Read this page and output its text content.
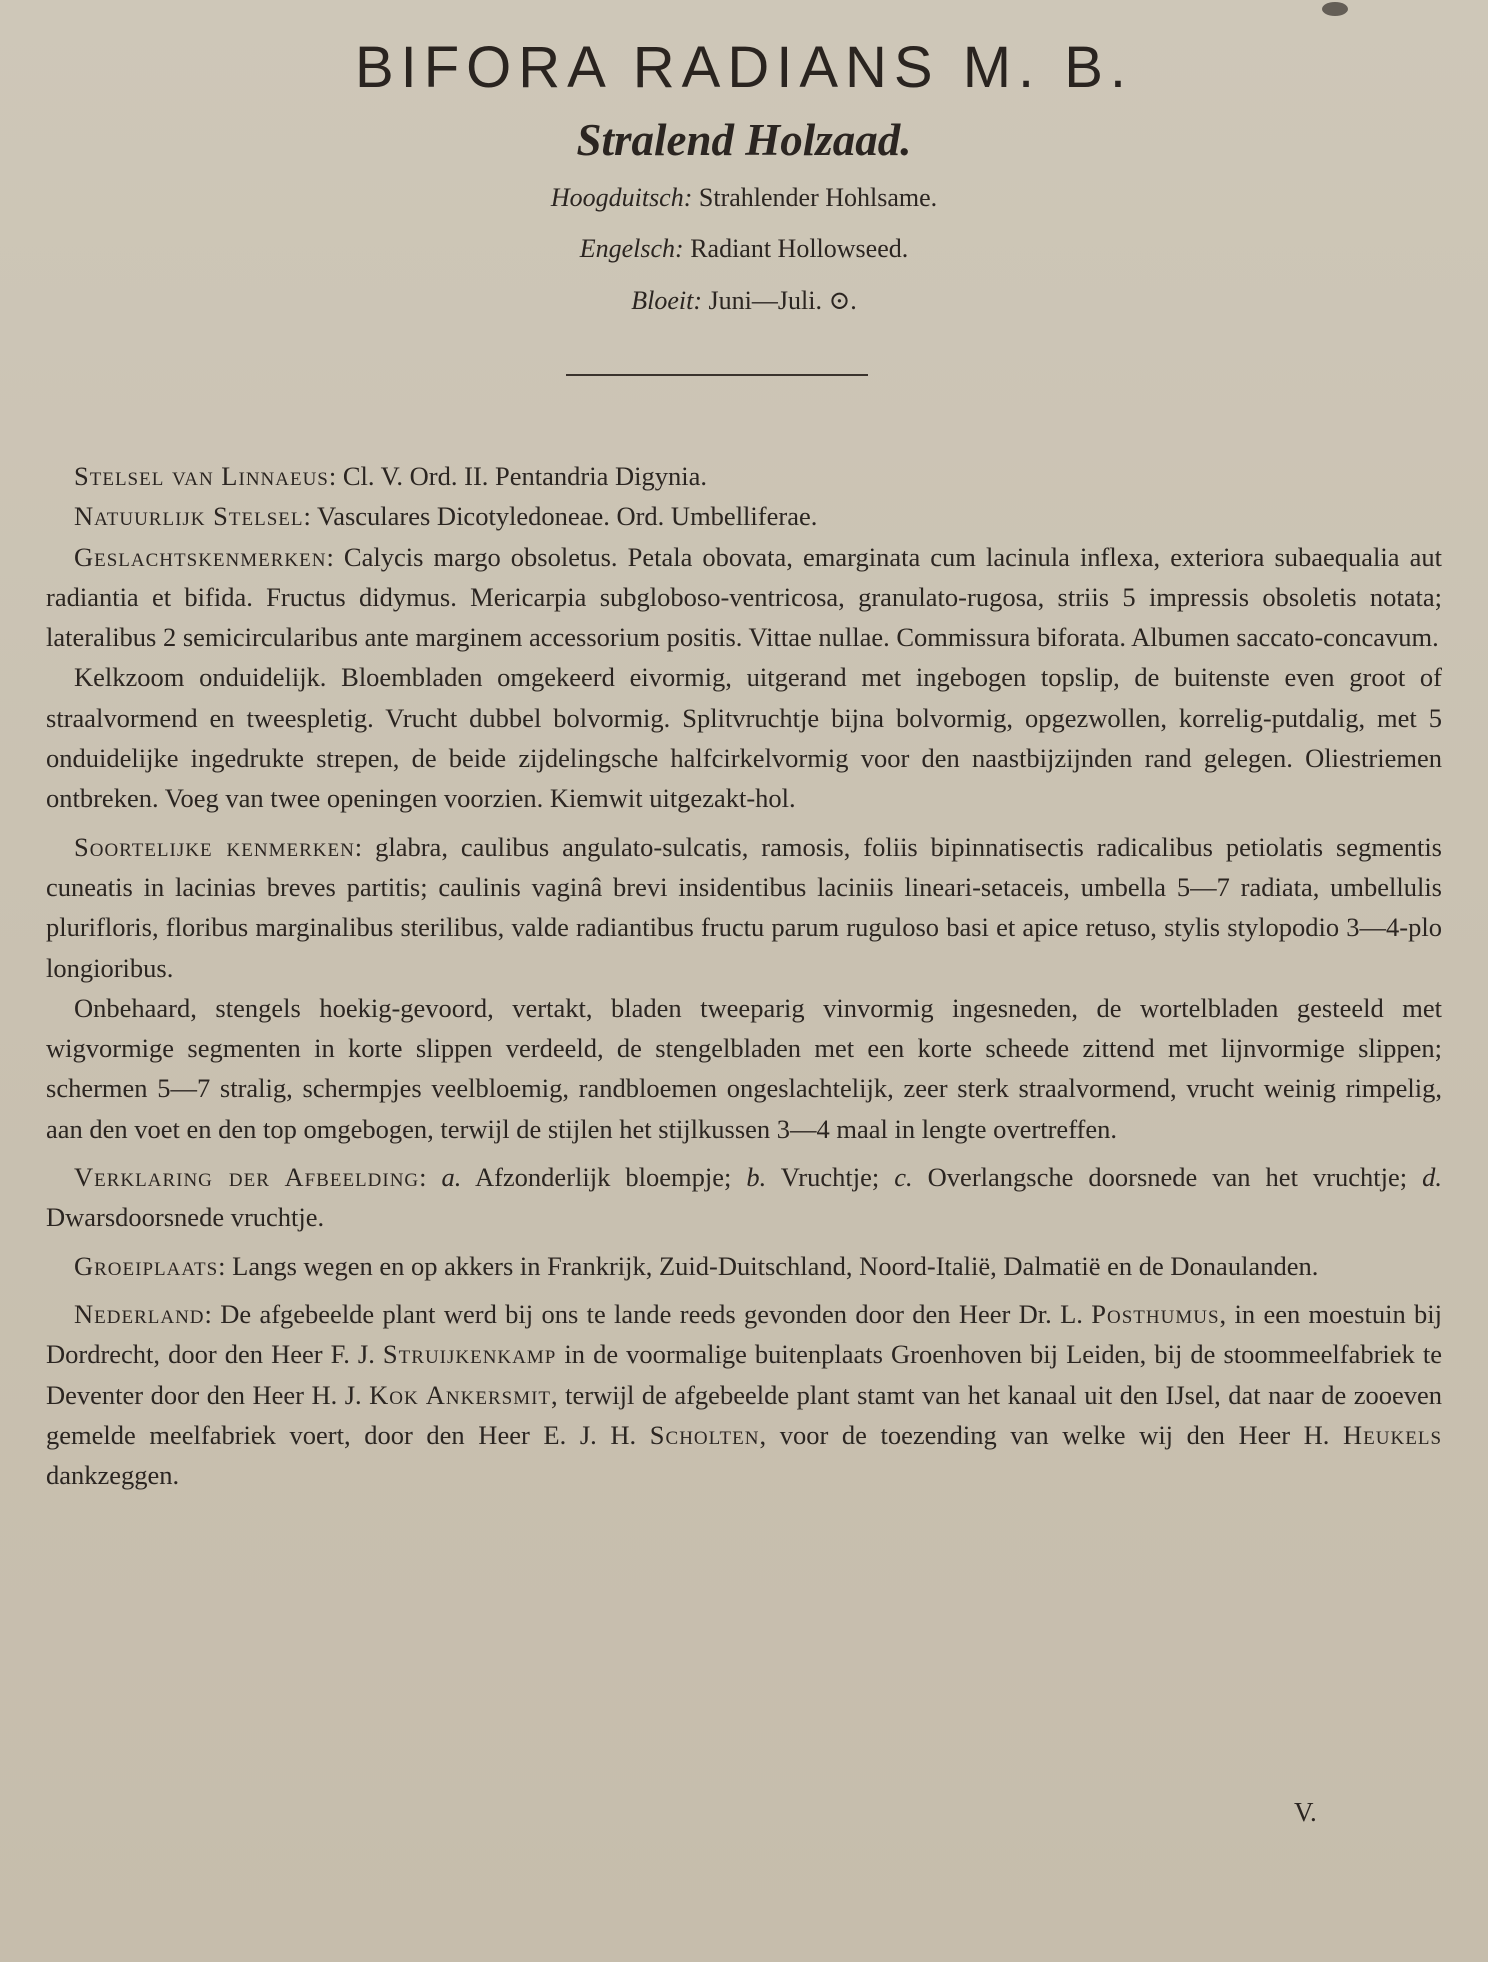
BIFORA RADIANS M. B.
Stralend Holzaad.
Hoogduitsch: Strahlender Hohlsame.
Engelsch: Radiant Hollowseed.
Bloeit: Juni—Juli. ⊙.

Stelsel van Linnaeus: Cl. V. Ord. II. Pentandria Digynia.

Natuurlijk Stelsel: Vasculares Dicotyledoneae. Ord. Umbelliferae.

Geslachtskenmerken: Calycis margo obsoletus. Petala obovata, emarginata cum lacinula inflexa, exteriora subaequalia aut radiantia et bifida. Fructus didymus. Mericarpia subgloboso-ventricosa, granulato-rugosa, striis 5 impressis obsoletis notata; lateralibus 2 semicircularibus ante marginem accessorium positis. Vittae nullae. Commissura biforata. Albumen saccato-concavum.

Kelkzoom onduidelijk. Bloembladen omgekeerd eivormig, uitgerand met ingebogen topslip, de buitenste even groot of straalvormend en tweespletig. Vrucht dubbel bolvormig. Splitvruchtje bijna bolvormig, opgezwollen, korrelig-putdalig, met 5 onduidelijke ingedrukte strepen, de beide zijdelingsche halfcirkelvormig voor den naastbijzijnden rand gelegen. Oliestriemen ontbreken. Voeg van twee openingen voorzien. Kiemwit uitgezakt-hol.

Soortelijke kenmerken: glabra, caulibus angulato-sulcatis, ramosis, foliis bipinnatisectis radicalibus petiolatis segmentis cuneatis in lacinias breves partitis; caulinis vaginâ brevi insidentibus laciniis lineari-setaceis, umbella 5—7 radiata, umbellulis plurifloris, floribus marginalibus sterilibus, valde radiantibus fructu parum ruguloso basi et apice retuso, stylis stylopodio 3—4-plo longioribus.

Onbehaard, stengels hoekig-gevoord, vertakt, bladen tweeparig vinvormig ingesneden, de wortelbladen gesteeld met wigvormige segmenten in korte slippen verdeeld, de stengelbladen met een korte scheede zittend met lijnvormige slippen; schermen 5—7 stralig, schermpjes veelbloemig, randbloemen ongeslachtelijk, zeer sterk straalvormend, vrucht weinig rimpelig, aan den voet en den top omgebogen, terwijl de stijlen het stijlkussen 3—4 maal in lengte overtreffen.

Verklaring der Afbeelding: a. Afzonderlijk bloempje; b. Vruchtje; c. Overlangsche doorsnede van het vruchtje; d. Dwarsdoorsnede vruchtje.

Groeiplaats: Langs wegen en op akkers in Frankrijk, Zuid-Duitschland, Noord-Italië, Dalmatië en de Donaulanden.

Nederland: De afgebeelde plant werd bij ons te lande reeds gevonden door den Heer Dr. L. Posthumus, in een moestuin bij Dordrecht, door den Heer F. J. Struijkenkamp in de voormalige buitenplaats Groenhoven bij Leiden, bij de stoommeelfabriek te Deventer door den Heer H. J. Kok Ankersmit, terwijl de afgebeelde plant stamt van het kanaal uit den IJsel, dat naar de zooeven gemelde meelfabriek voert, door den Heer E. J. H. Scholten, voor de toezending van welke wij den Heer H. Heukels dankzeggen.

V.
